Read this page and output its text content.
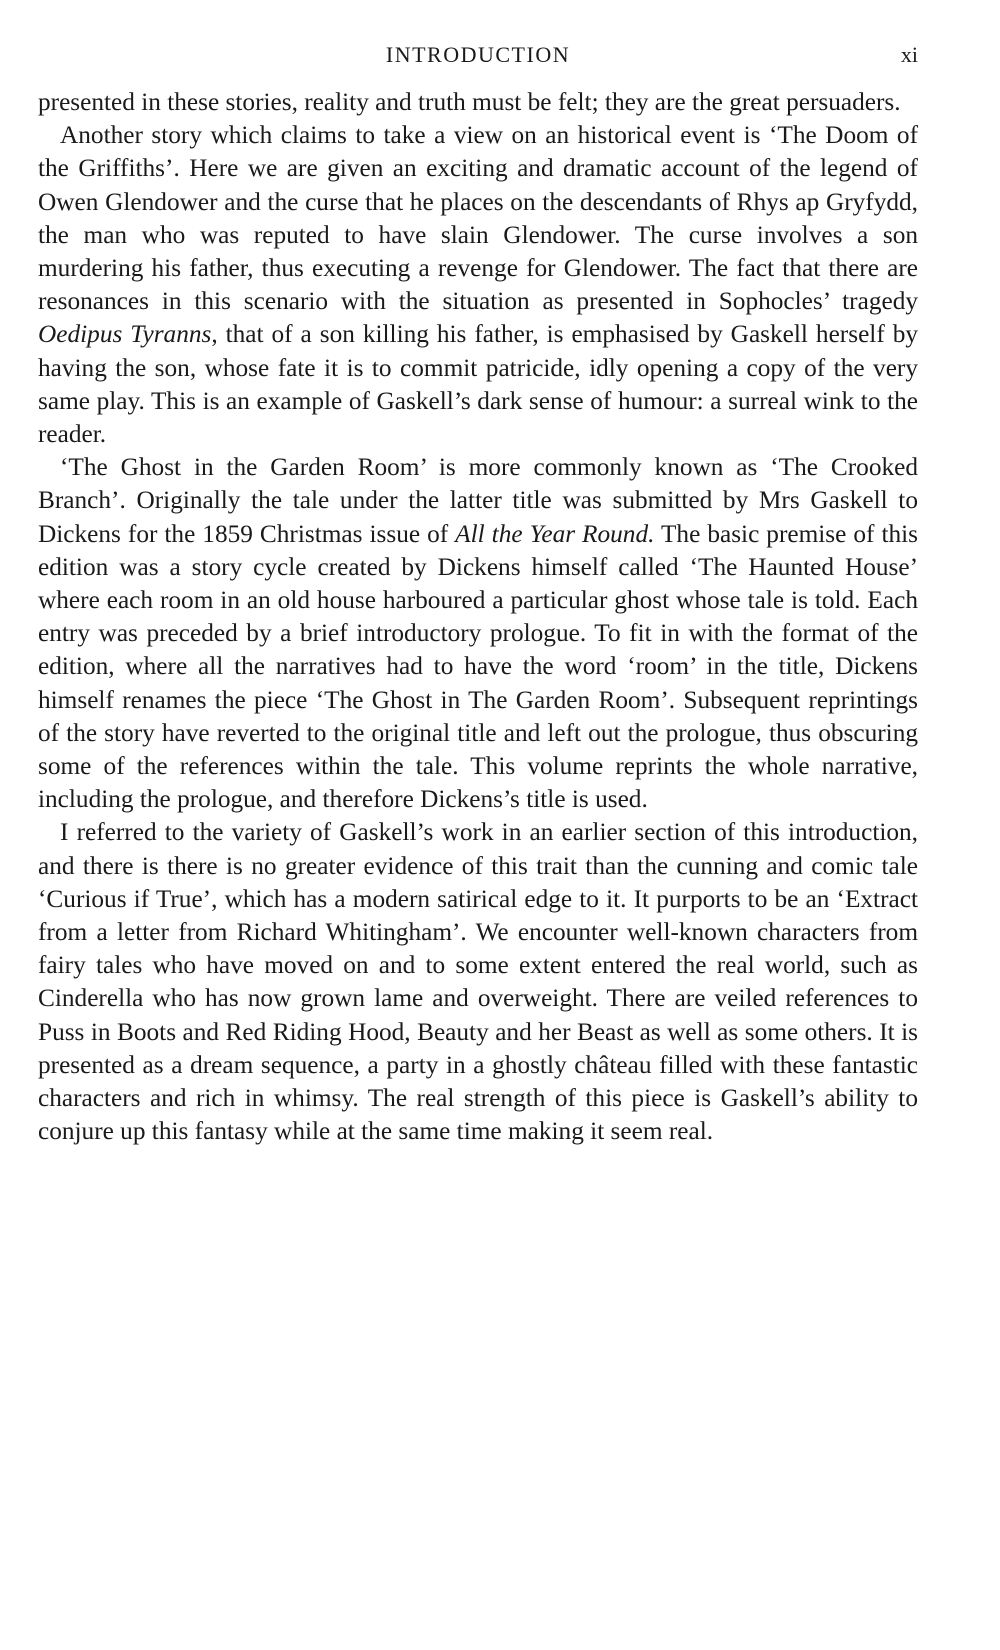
INTRODUCTION	xi

presented in these stories, reality and truth must be felt; they are the great persuaders.

Another story which claims to take a view on an historical event is ‘The Doom of the Griffiths’. Here we are given an exciting and dramatic account of the legend of Owen Glendower and the curse that he places on the descendants of Rhys ap Gryfydd, the man who was reputed to have slain Glendower. The curse involves a son murdering his father, thus executing a revenge for Glendower. The fact that there are resonances in this scenario with the situation as presented in Sophocles’ tragedy Oedipus Tyranns, that of a son killing his father, is emphasised by Gaskell herself by having the son, whose fate it is to commit patricide, idly opening a copy of the very same play. This is an example of Gaskell’s dark sense of humour: a surreal wink to the reader.

‘The Ghost in the Garden Room’ is more commonly known as ‘The Crooked Branch’. Originally the tale under the latter title was submitted by Mrs Gaskell to Dickens for the 1859 Christmas issue of All the Year Round. The basic premise of this edition was a story cycle created by Dickens himself called ‘The Haunted House’ where each room in an old house harboured a particular ghost whose tale is told. Each entry was preceded by a brief introductory prologue. To fit in with the format of the edition, where all the narratives had to have the word ‘room’ in the title, Dickens himself renames the piece ‘The Ghost in The Garden Room’. Subsequent reprintings of the story have reverted to the original title and left out the prologue, thus obscuring some of the references within the tale. This volume reprints the whole narrative, including the prologue, and therefore Dickens’s title is used.

I referred to the variety of Gaskell’s work in an earlier section of this introduction, and there is there is no greater evidence of this trait than the cunning and comic tale ‘Curious if True’, which has a modern satirical edge to it. It purports to be an ‘Extract from a letter from Richard Whitingham’. We encounter well-known characters from fairy tales who have moved on and to some extent entered the real world, such as Cinderella who has now grown lame and overweight. There are veiled references to Puss in Boots and Red Riding Hood, Beauty and her Beast as well as some others. It is presented as a dream sequence, a party in a ghostly château filled with these fantastic characters and rich in whimsy. The real strength of this piece is Gaskell’s ability to conjure up this fantasy while at the same time making it seem real.
